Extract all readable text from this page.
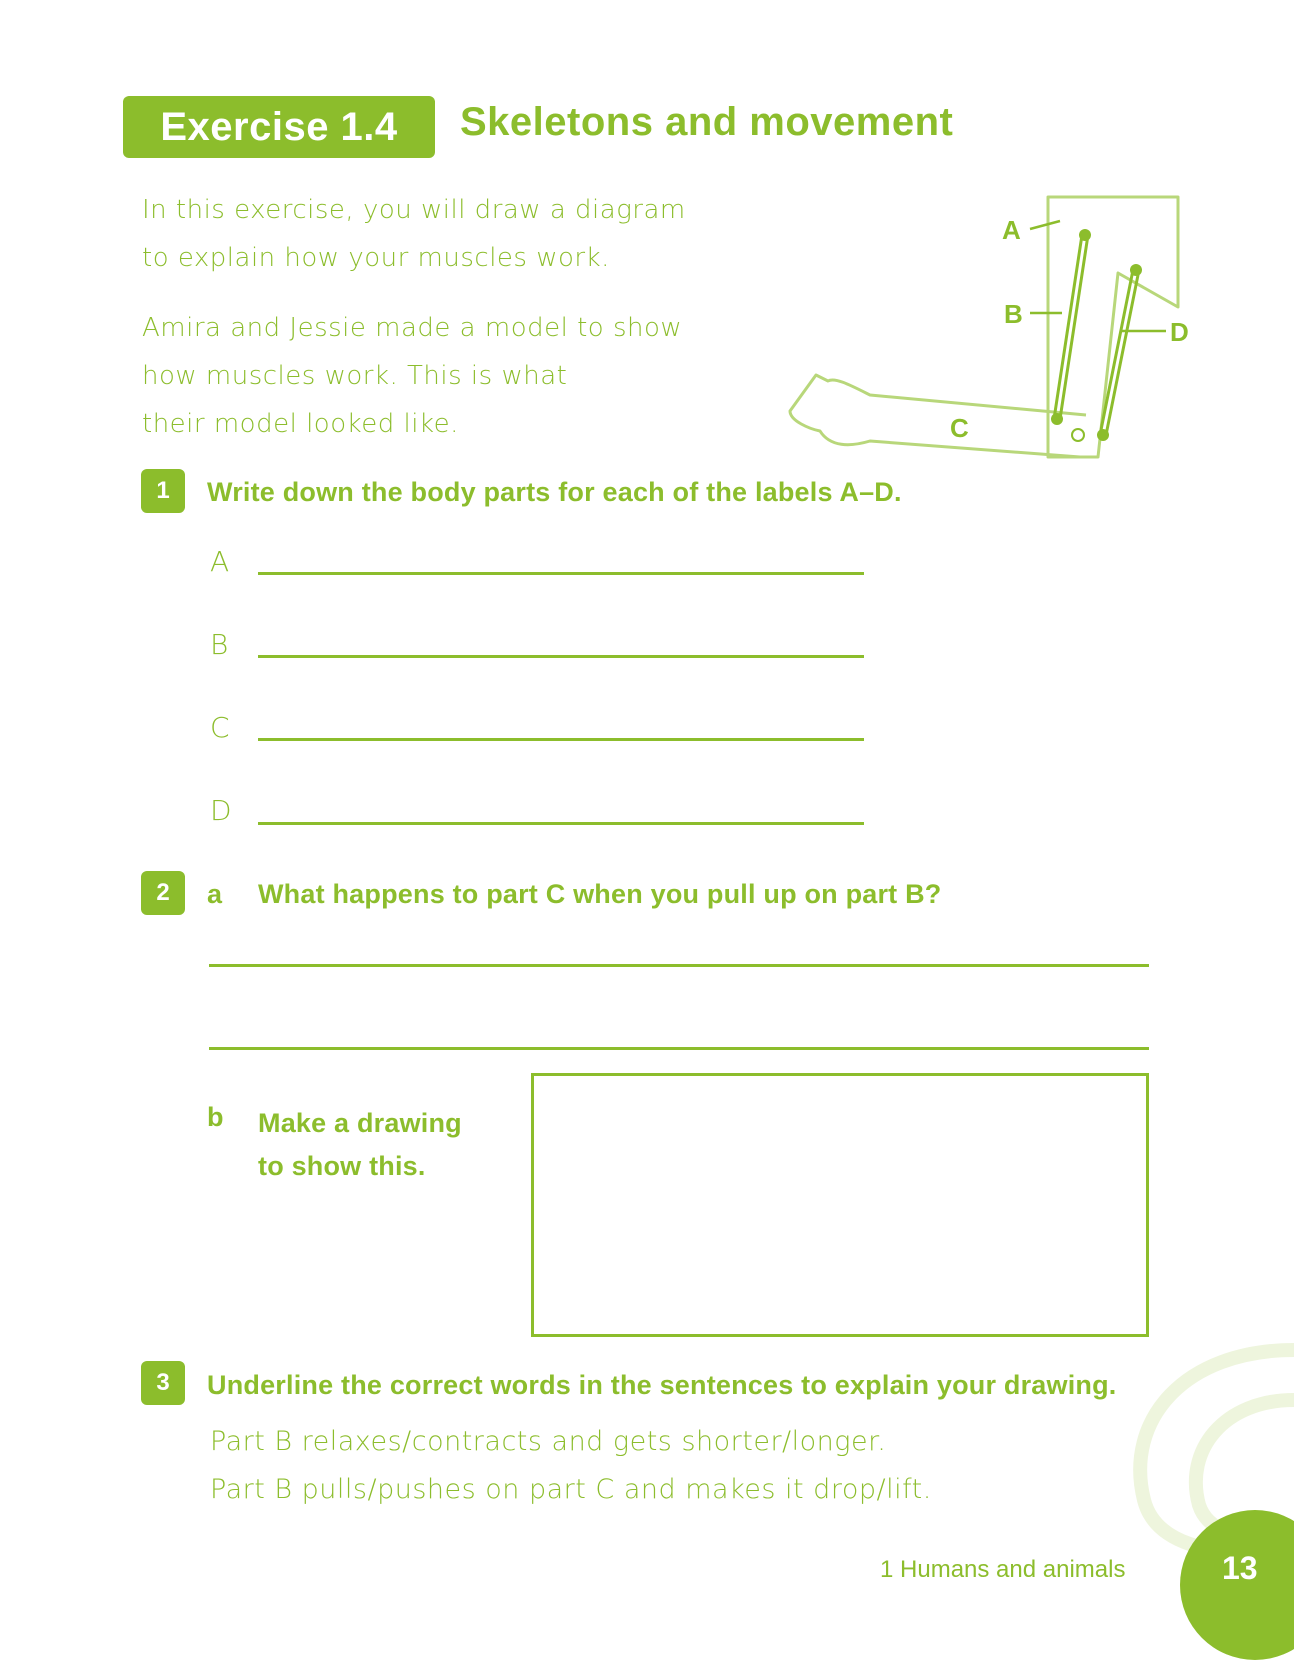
Exercise 1.4	Skeletons and movement
In this exercise, you will draw a diagram
to explain how your muscles work.
Amira and Jessie made a model to show
how muscles work. This is what
their model looked like.
A
B
C
D
1	Write down the body parts for each of the labels A–D.
A
B
C
D
2	a What happens to part C when you pull up on part B?
b Make a drawing
to show this.
3	Underline the correct words in the sentences to explain your drawing.
Part B relaxes/contracts and gets shorter/longer.
Part B pulls/pushes on part C and makes it drop/lift.
1 Humans and animals	13
